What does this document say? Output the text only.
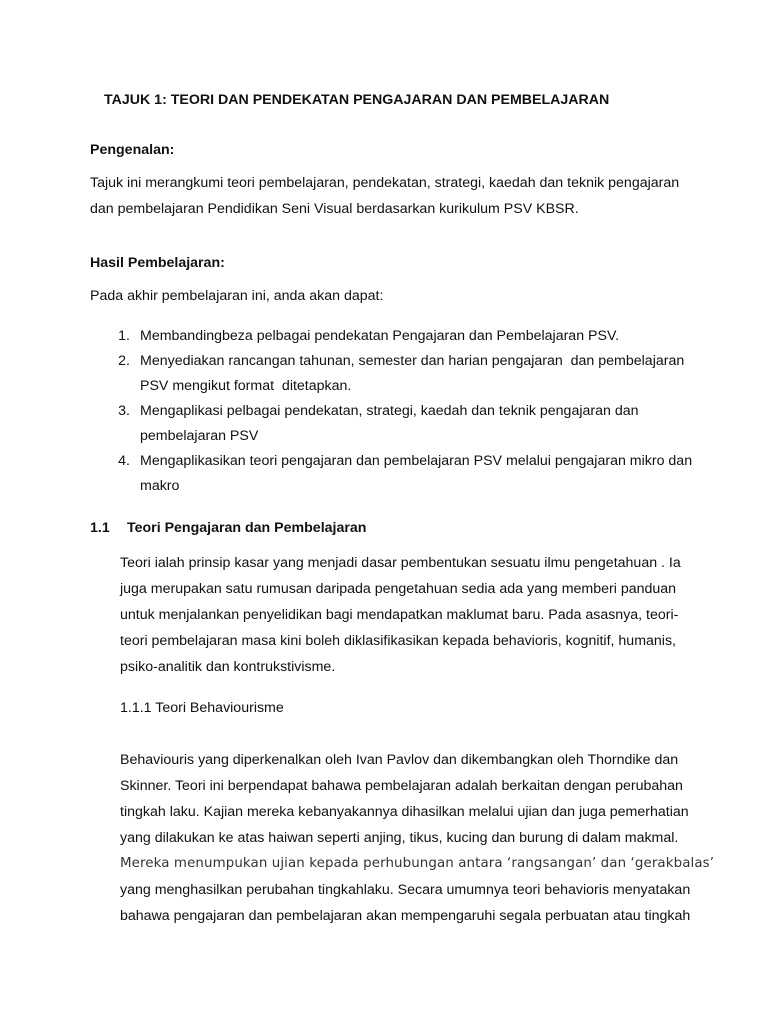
TAJUK 1: TEORI DAN PENDEKATAN PENGAJARAN DAN PEMBELAJARAN
Pengenalan:
Tajuk ini merangkumi teori pembelajaran, pendekatan, strategi, kaedah dan teknik pengajaran
dan pembelajaran Pendidikan Seni Visual berdasarkan kurikulum PSV KBSR.
Hasil Pembelajaran:
Pada akhir pembelajaran ini, anda akan dapat:
1. Membandingbeza pelbagai pendekatan Pengajaran dan Pembelajaran PSV.
2. Menyediakan rancangan tahunan, semester dan harian pengajaran  dan pembelajaran
PSV mengikut format  ditetapkan.
3. Mengaplikasi pelbagai pendekatan, strategi, kaedah dan teknik pengajaran dan
pembelajaran PSV
4. Mengaplikasikan teori pengajaran dan pembelajaran PSV melalui pengajaran mikro dan
makro
1.1 Teori Pengajaran dan Pembelajaran
Teori ialah prinsip kasar yang menjadi dasar pembentukan sesuatu ilmu pengetahuan . Ia
juga merupakan satu rumusan daripada pengetahuan sedia ada yang memberi panduan
untuk menjalankan penyelidikan bagi mendapatkan maklumat baru. Pada asasnya, teori-
teori pembelajaran masa kini boleh diklasifikasikan kepada behavioris, kognitif, humanis,
psiko-analitik dan kontrukstivisme.
1.1.1 Teori Behaviourisme
Behaviouris yang diperkenalkan oleh Ivan Pavlov dan dikembangkan oleh Thorndike dan
Skinner. Teori ini berpendapat bahawa pembelajaran adalah berkaitan dengan perubahan
tingkah laku. Kajian mereka kebanyakannya dihasilkan melalui ujian dan juga pemerhatian
yang dilakukan ke atas haiwan seperti anjing, tikus, kucing dan burung di dalam makmal.
Mereka menumpukan ujian kepada perhubungan antara ‘rangsangan’ dan ‘gerakbalas’
yang menghasilkan perubahan tingkahlaku. Secara umumnya teori behavioris menyatakan
bahawa pengajaran dan pembelajaran akan mempengaruhi segala perbuatan atau tingkah
